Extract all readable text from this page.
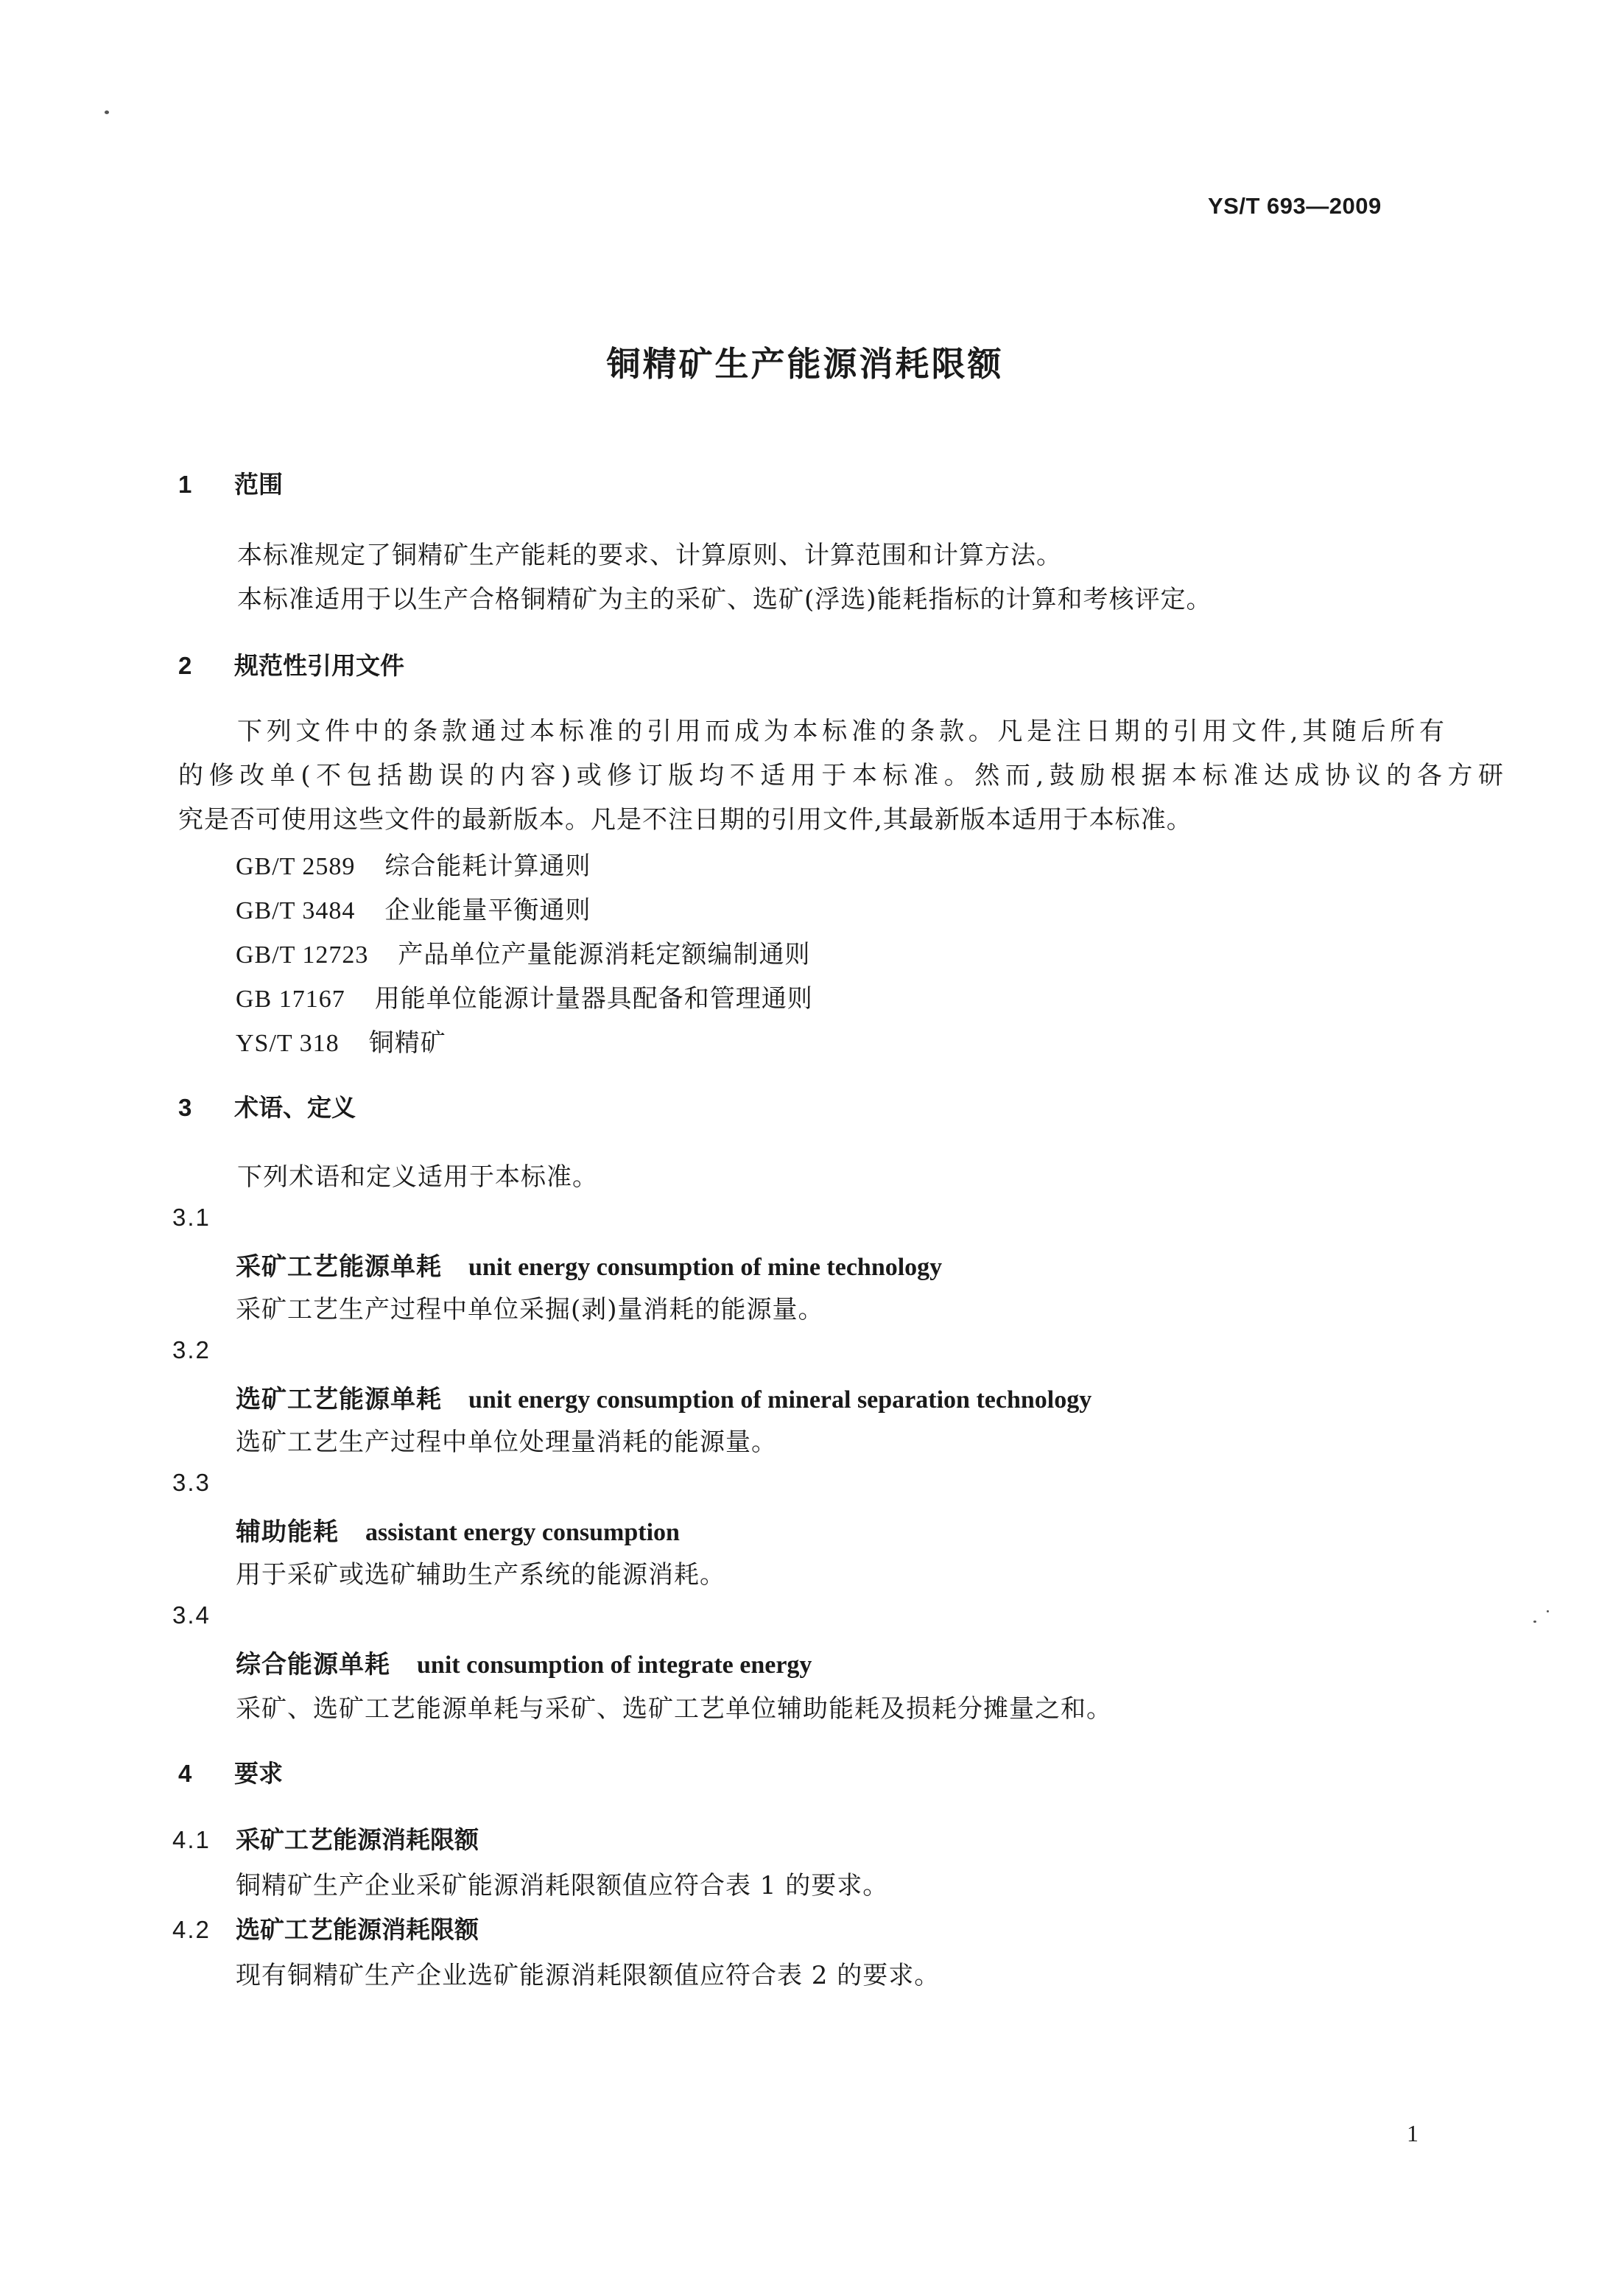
YS/T 693—2009
铜精矿生产能源消耗限额
1 范围
本标准规定了铜精矿生产能耗的要求、计算原则、计算范围和计算方法。
本标准适用于以生产合格铜精矿为主的采矿、选矿(浮选)能耗指标的计算和考核评定。
2 规范性引用文件
下列文件中的条款通过本标准的引用而成为本标准的条款。凡是注日期的引用文件,其随后所有
的修改单(不包括勘误的内容)或修订版均不适用于本标准。然而,鼓励根据本标准达成协议的各方研
究是否可使用这些文件的最新版本。凡是不注日期的引用文件,其最新版本适用于本标准。
GB/T 2589 综合能耗计算通则
GB/T 3484 企业能量平衡通则
GB/T 12723 产品单位产量能源消耗定额编制通则
GB 17167 用能单位能源计量器具配备和管理通则
YS/T 318 铜精矿
3 术语、定义
下列术语和定义适用于本标准。
3.1
采矿工艺能源单耗 unit energy consumption of mine technology
采矿工艺生产过程中单位采掘(剥)量消耗的能源量。
3.2
选矿工艺能源单耗 unit energy consumption of mineral separation technology
选矿工艺生产过程中单位处理量消耗的能源量。
3.3
辅助能耗 assistant energy consumption
用于采矿或选矿辅助生产系统的能源消耗。
3.4
综合能源单耗 unit consumption of integrate energy
采矿、选矿工艺能源单耗与采矿、选矿工艺单位辅助能耗及损耗分摊量之和。
4 要求
4.1 采矿工艺能源消耗限额
铜精矿生产企业采矿能源消耗限额值应符合表 1 的要求。
4.2 选矿工艺能源消耗限额
现有铜精矿生产企业选矿能源消耗限额值应符合表 2 的要求。
1
